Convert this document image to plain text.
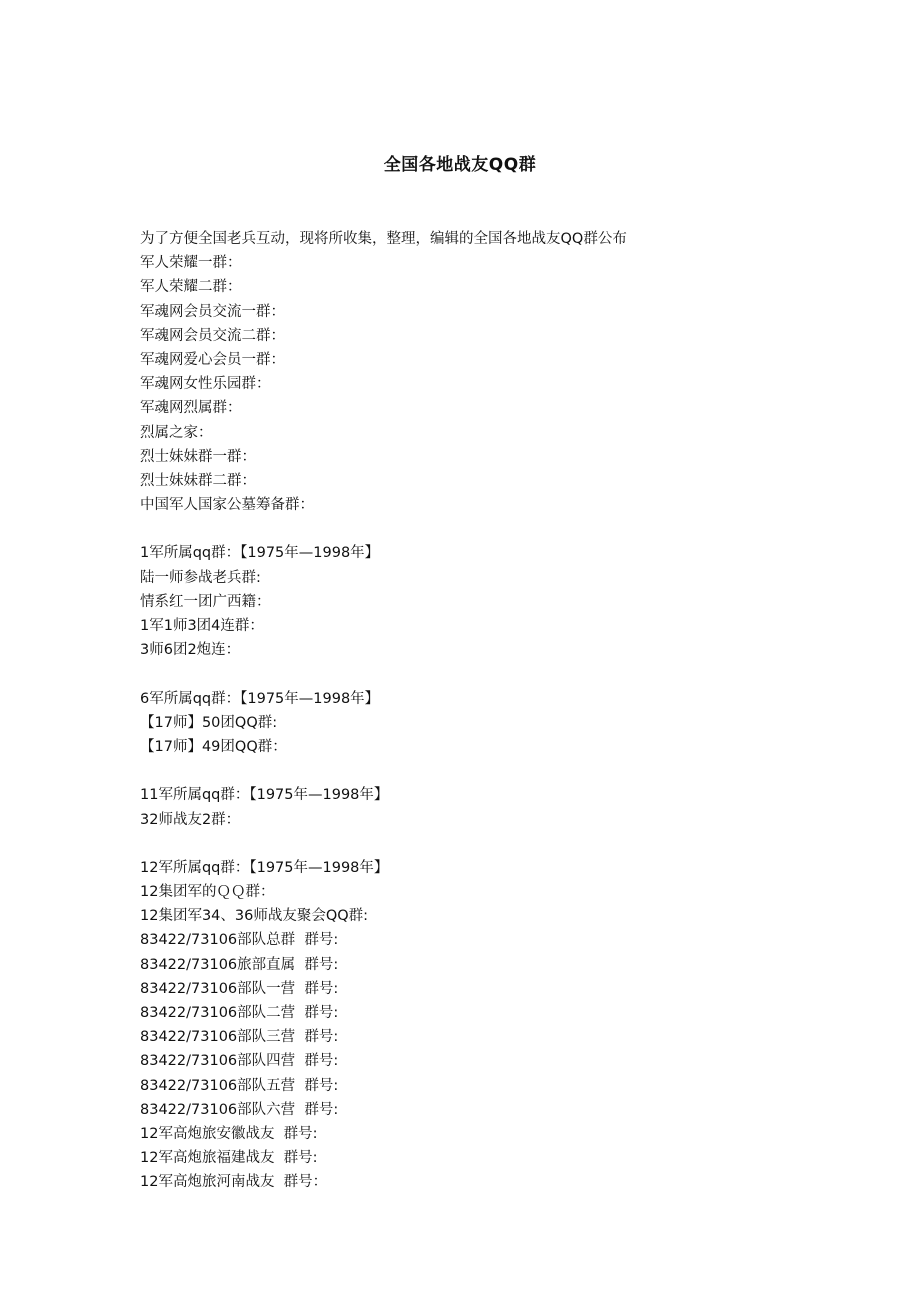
全国各地战友QQ群
为了方便全国老兵互动，现将所收集，整理，编辑的全国各地战友QQ群公布
军人荣耀一群：
军人荣耀二群：
军魂网会员交流一群：
军魂网会员交流二群：
军魂网爱心会员一群：
军魂网女性乐园群：
军魂网烈属群：
烈属之家：
烈士妹妹群一群：
烈士妹妹群二群：
中国军人国家公墓筹备群：
1军所属qq群：【1975年—1998年】
陆一师参战老兵群:
情系红一团广西籍：
1军1师3团4连群：
3师6团2炮连：
6军所属qq群：【1975年—1998年】
【17师】50团QQ群:
【17师】49团QQ群：
11军所属qq群：【1975年—1998年】
32师战友2群：
12军所属qq群：【1975年—1998年】
12集团军的ＱＱ群：
12集团军34、36师战友聚会QQ群:
83422/73106部队总群  群号:
83422/73106旅部直属  群号:
83422/73106部队一营  群号:
83422/73106部队二营  群号:
83422/73106部队三营  群号:
83422/73106部队四营  群号:
83422/73106部队五营  群号:
83422/73106部队六营  群号:
12军高炮旅安徽战友  群号:
12军高炮旅福建战友  群号:
12军高炮旅河南战友  群号：
